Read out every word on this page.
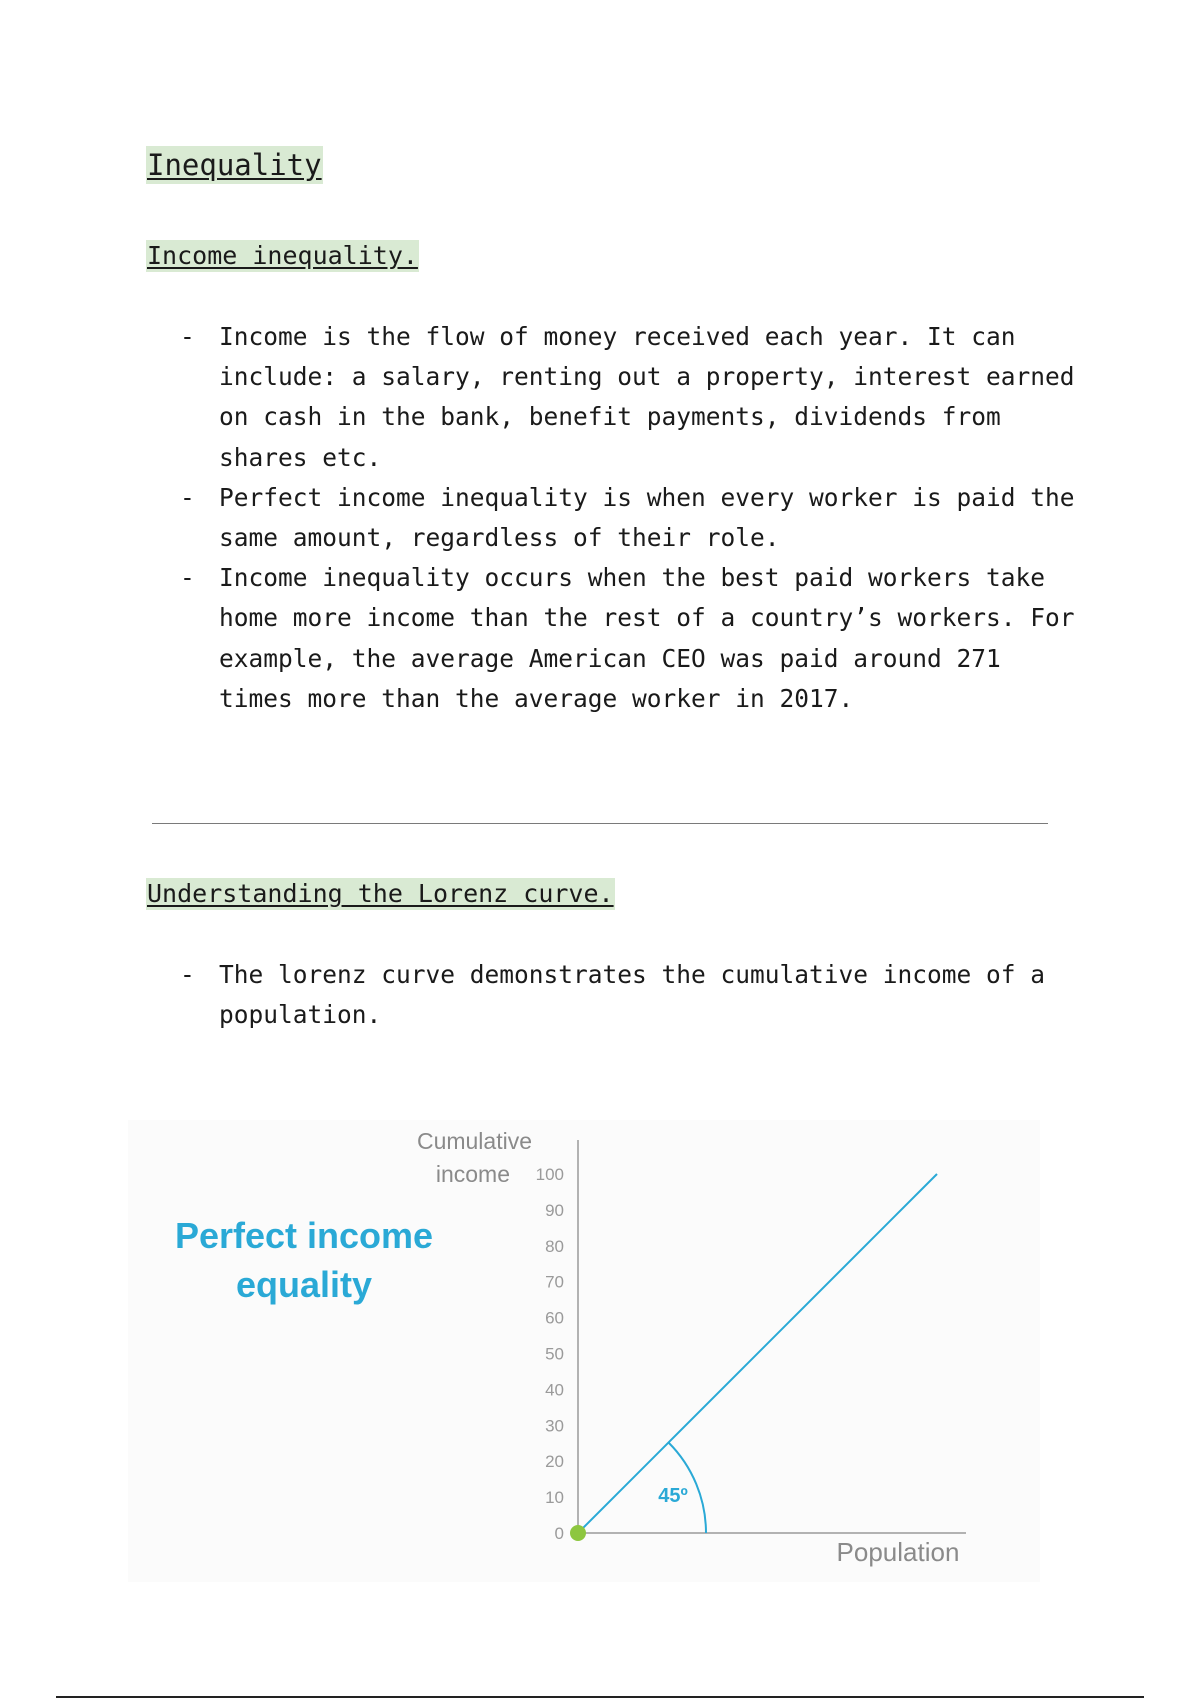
Inequality
Income inequality.
- Income is the flow of money received each year. It can include: a salary, renting out a property, interest earned on cash in the bank, benefit payments, dividends from shares etc.
- Perfect income inequality is when every worker is paid the same amount, regardless of their role.
- Income inequality occurs when the best paid workers take home more income than the rest of a country’s workers. For example, the average American CEO was paid around 271 times more than the average worker in 2017.
Understanding the Lorenz curve.
- The lorenz curve demonstrates the cumulative income of a population.
Perfect income
equality
Cumulative
income
Population
45º
0
10
20
30
40
50
60
70
80
90
100
